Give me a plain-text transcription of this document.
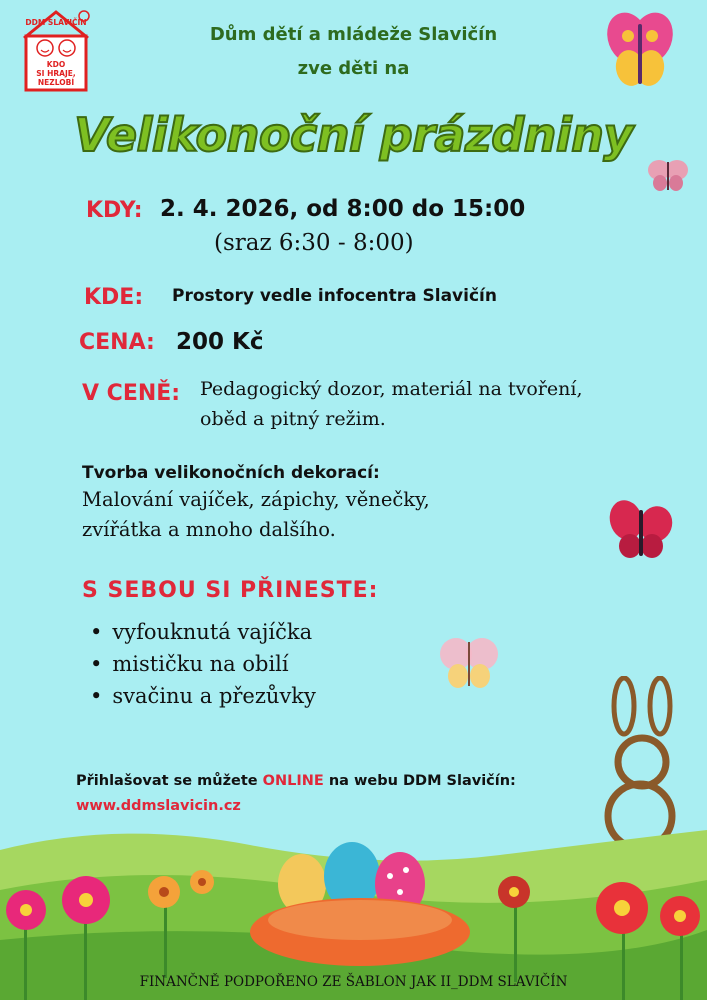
DDM SLAVIČÍN
KDO
SI HRAJE,
NEZLOBÍ
Dům dětí a mládeže Slavičín
zve děti na
Velikonoční prázdniny
KDY: 2. 4. 2026, od 8:00 do 15:00
(sraz 6:30 - 8:00)
KDE: Prostory vedle infocentra Slavičín
CENA: 200 Kč
V CENĚ: Pedagogický dozor, materiál na tvoření,
oběd a pitný režim.
Tvorba velikonočních dekorací:
Malování vajíček, zápichy, věnečky,
zvířátka a mnoho dalšího.
S SEBOU SI PŘINESTE:
• vyfouknutá vajíčka
• mističku na obilí
• svačinu a přezůvky
Přihlašovat se můžete ONLINE na webu DDM Slavičín:
www.ddmslavicin.cz
FINANČNĚ PODPOŘENO ZE ŠABLON JAK II_DDM SLAVIČÍN
